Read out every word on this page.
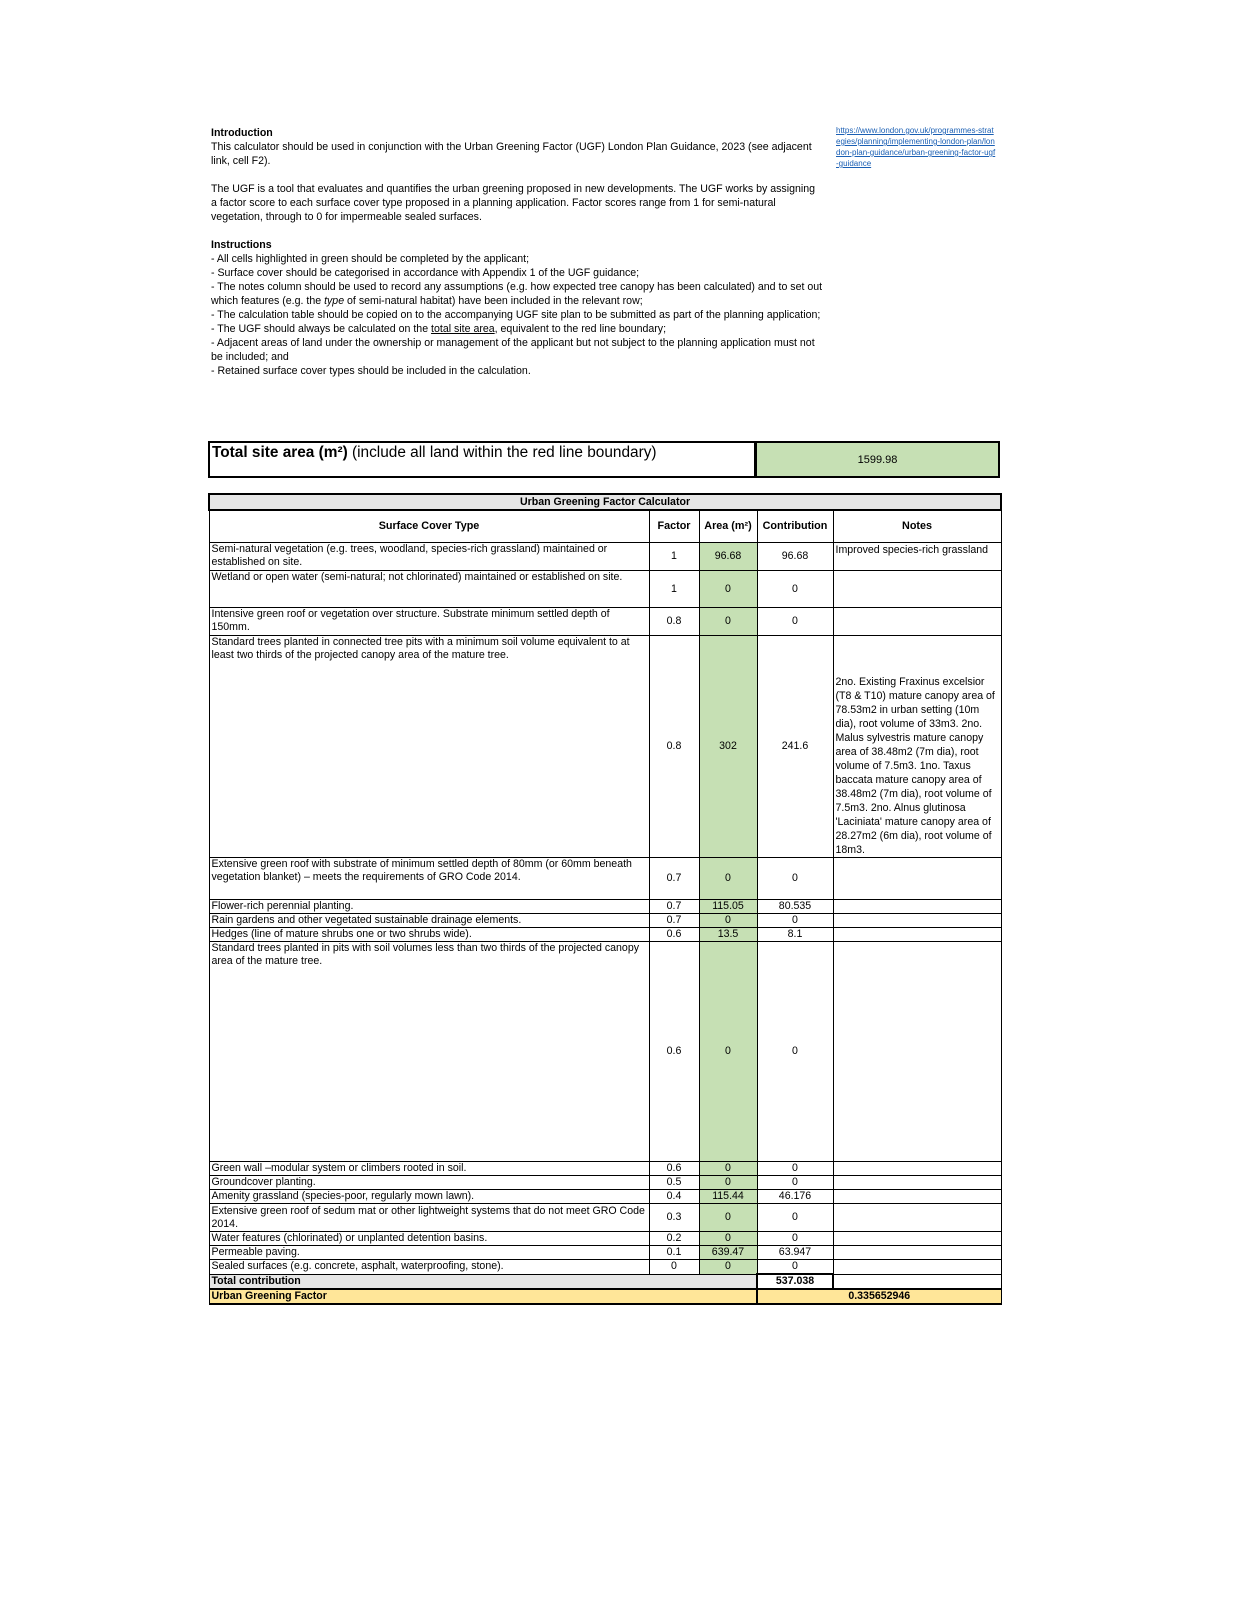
Introduction

This calculator should be used in conjunction with the Urban Greening Factor (UGF) London Plan Guidance, 2023 (see adjacent link, cell F2).

The UGF is a tool that evaluates and quantifies the urban greening proposed in new developments. The UGF works by assigning a factor score to each surface cover type proposed in a planning application. Factor scores range from 1 for semi-natural vegetation, through to 0 for impermeable sealed surfaces.

Instructions

- All cells highlighted in green should be completed by the applicant;

- Surface cover should be categorised in accordance with Appendix 1 of the UGF guidance;

- The notes column should be used to record any assumptions (e.g. how expected tree canopy has been calculated) and to set out which features (e.g. the type of semi-natural habitat) have been included in the relevant row;

- The calculation table should be copied on to the accompanying UGF site plan to be submitted as part of the planning application;

- The UGF should always be calculated on the total site area, equivalent to the red line boundary;

- Adjacent areas of land under the ownership or management of the applicant but not subject to the planning application must not be included; and

- Retained surface cover types should be included in the calculation.

https://www.london.gov.uk/programmes-strategies/planning/implementing-london-plan/london-plan-guidance/urban-greening-factor-ugf-guidance
Total site area (m²) (include all land within the red line boundary)	1599.98
Urban Greening Factor Calculator				
Surface Cover Type	Factor	Area (m²)	Contribution	Notes
Semi-natural vegetation (e.g. trees, woodland, species-rich grassland) maintained or established on site.	1	96.68	96.68	Improved species-rich grassland
Wetland or open water (semi-natural; not chlorinated) maintained or established on site.	1	0	0	
Intensive green roof or vegetation over structure. Substrate minimum settled depth of 150mm.	0.8	0	0	
Standard trees planted in connected tree pits with a minimum soil volume equivalent to at least two thirds of the projected canopy area of the mature tree.	0.8	302	241.6	2no. Existing Fraxinus excelsior (T8 & T10) mature canopy area of 78.53m2 in urban setting (10m dia), root volume of 33m3. 2no. Malus sylvestris mature canopy area of 38.48m2 (7m dia), root volume of 7.5m3. 1no. Taxus baccata mature canopy area of 38.48m2 (7m dia), root volume of 7.5m3. 2no. Alnus glutinosa 'Laciniata' mature canopy area of 28.27m2 (6m dia), root volume of 18m3.
Extensive green roof with substrate of minimum settled depth of 80mm (or 60mm beneath vegetation blanket) – meets the requirements of GRO Code 2014.	0.7	0	0	
Flower-rich perennial planting.	0.7	115.05	80.535	
Rain gardens and other vegetated sustainable drainage elements.	0.7	0	0	
Hedges (line of mature shrubs one or two shrubs wide).	0.6	13.5	8.1	
Standard trees planted in pits with soil volumes less than two thirds of the projected canopy area of the mature tree.	0.6	0	0	
Green wall –modular system or climbers rooted in soil.	0.6	0	0	
Groundcover planting.	0.5	0	0	
Amenity grassland (species-poor, regularly mown lawn).	0.4	115.44	46.176	
Extensive green roof of sedum mat or other lightweight systems that do not meet GRO Code 2014.	0.3	0	0	
Water features (chlorinated) or unplanted detention basins.	0.2	0	0	
Permeable paving.	0.1	639.47	63.947	
Sealed surfaces (e.g. concrete, asphalt, waterproofing, stone).	0	0	0	
Total contribution			537.038	
Urban Greening Factor			0.335652946	
